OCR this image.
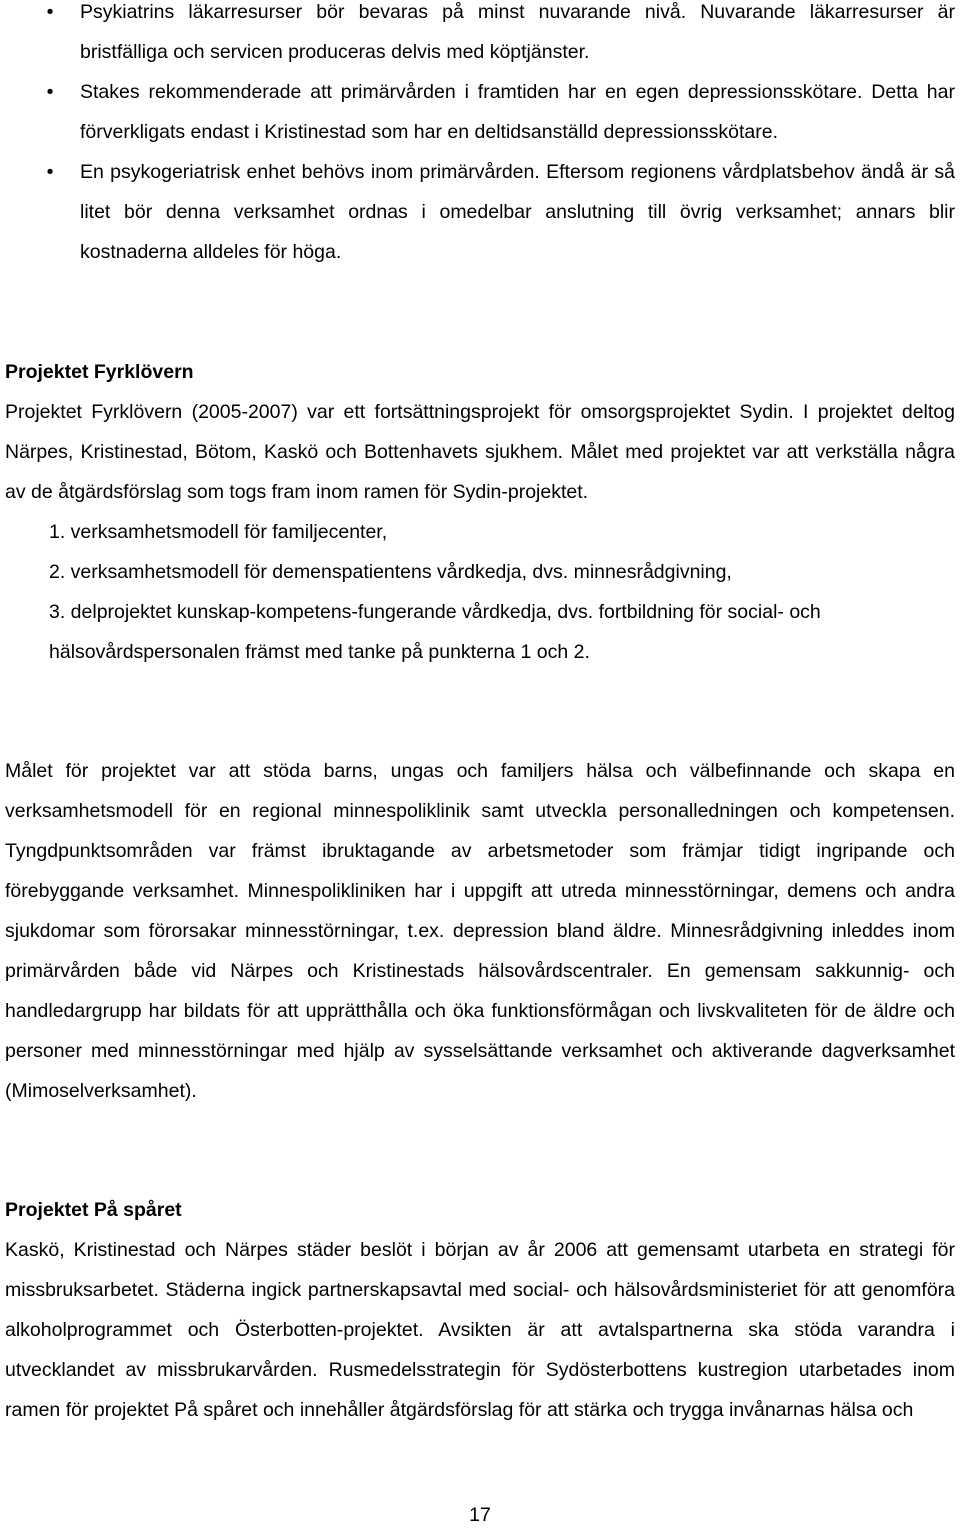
•	Psykiatrins läkarresurser bör bevaras på minst nuvarande nivå. Nuvarande läkarresurser är bristfälliga och servicen produceras delvis med köptjänster.
•	Stakes rekommenderade att primärvården i framtiden har en egen depressionsskötare. Detta har förverkligats endast i Kristinestad som har en deltidsanställd depressionsskötare.
•	En psykogeriatrisk enhet behövs inom primärvården. Eftersom regionens vårdplatsbehov ändå är så litet bör denna verksamhet ordnas i omedelbar anslutning till övrig verksamhet; annars blir kostnaderna alldeles för höga.
Projektet Fyrklövern

Projektet Fyrklövern (2005-2007) var ett fortsättningsprojekt för omsorgsprojektet Sydin. I projektet deltog Närpes, Kristinestad, Bötom, Kaskö och Bottenhavets sjukhem. Målet med projektet var att verkställa några av de åtgärdsförslag som togs fram inom ramen för Sydin-projektet.

1. verksamhetsmodell för familjecenter,

2. verksamhetsmodell för demenspatientens vårdkedja, dvs. minnesrådgivning,

3. delprojektet kunskap-kompetens-fungerande vårdkedja, dvs. fortbildning för social- och hälsovårdspersonalen främst med tanke på punkterna 1 och 2.

Målet för projektet var att stöda barns, ungas och familjers hälsa och välbefinnande och skapa en verksamhetsmodell för en regional minnespoliklinik samt utveckla personalledningen och kompetensen. Tyngdpunktsområden var främst ibruktagande av arbetsmetoder som främjar tidigt ingripande och förebyggande verksamhet. Minnespolikliniken har i uppgift att utreda minnesstörningar, demens och andra sjukdomar som förorsakar minnesstörningar, t.ex. depression bland äldre. Minnesrådgivning inleddes inom primärvården både vid Närpes och Kristinestads hälsovårdscentraler. En gemensam sakkunnig- och handledargrupp har bildats för att upprätthålla och öka funktionsförmågan och livskvaliteten för de äldre och personer med minnesstörningar med hjälp av sysselsättande verksamhet och aktiverande dagverksamhet (Mimoselverksamhet).

Projektet På spåret

Kaskö, Kristinestad och Närpes städer beslöt i början av år 2006 att gemensamt utarbeta en strategi för missbruksarbetet. Städerna ingick partnerskapsavtal med social- och hälsovårdsministeriet för att genomföra alkoholprogrammet och Österbotten-projektet. Avsikten är att avtalspartnerna ska stöda varandra i utvecklandet av missbrukarvården. Rusmedelsstrategin för Sydösterbottens kustregion utarbetades inom ramen för projektet På spåret och innehåller åtgärdsförslag för att stärka och trygga invånarnas hälsa och

17
